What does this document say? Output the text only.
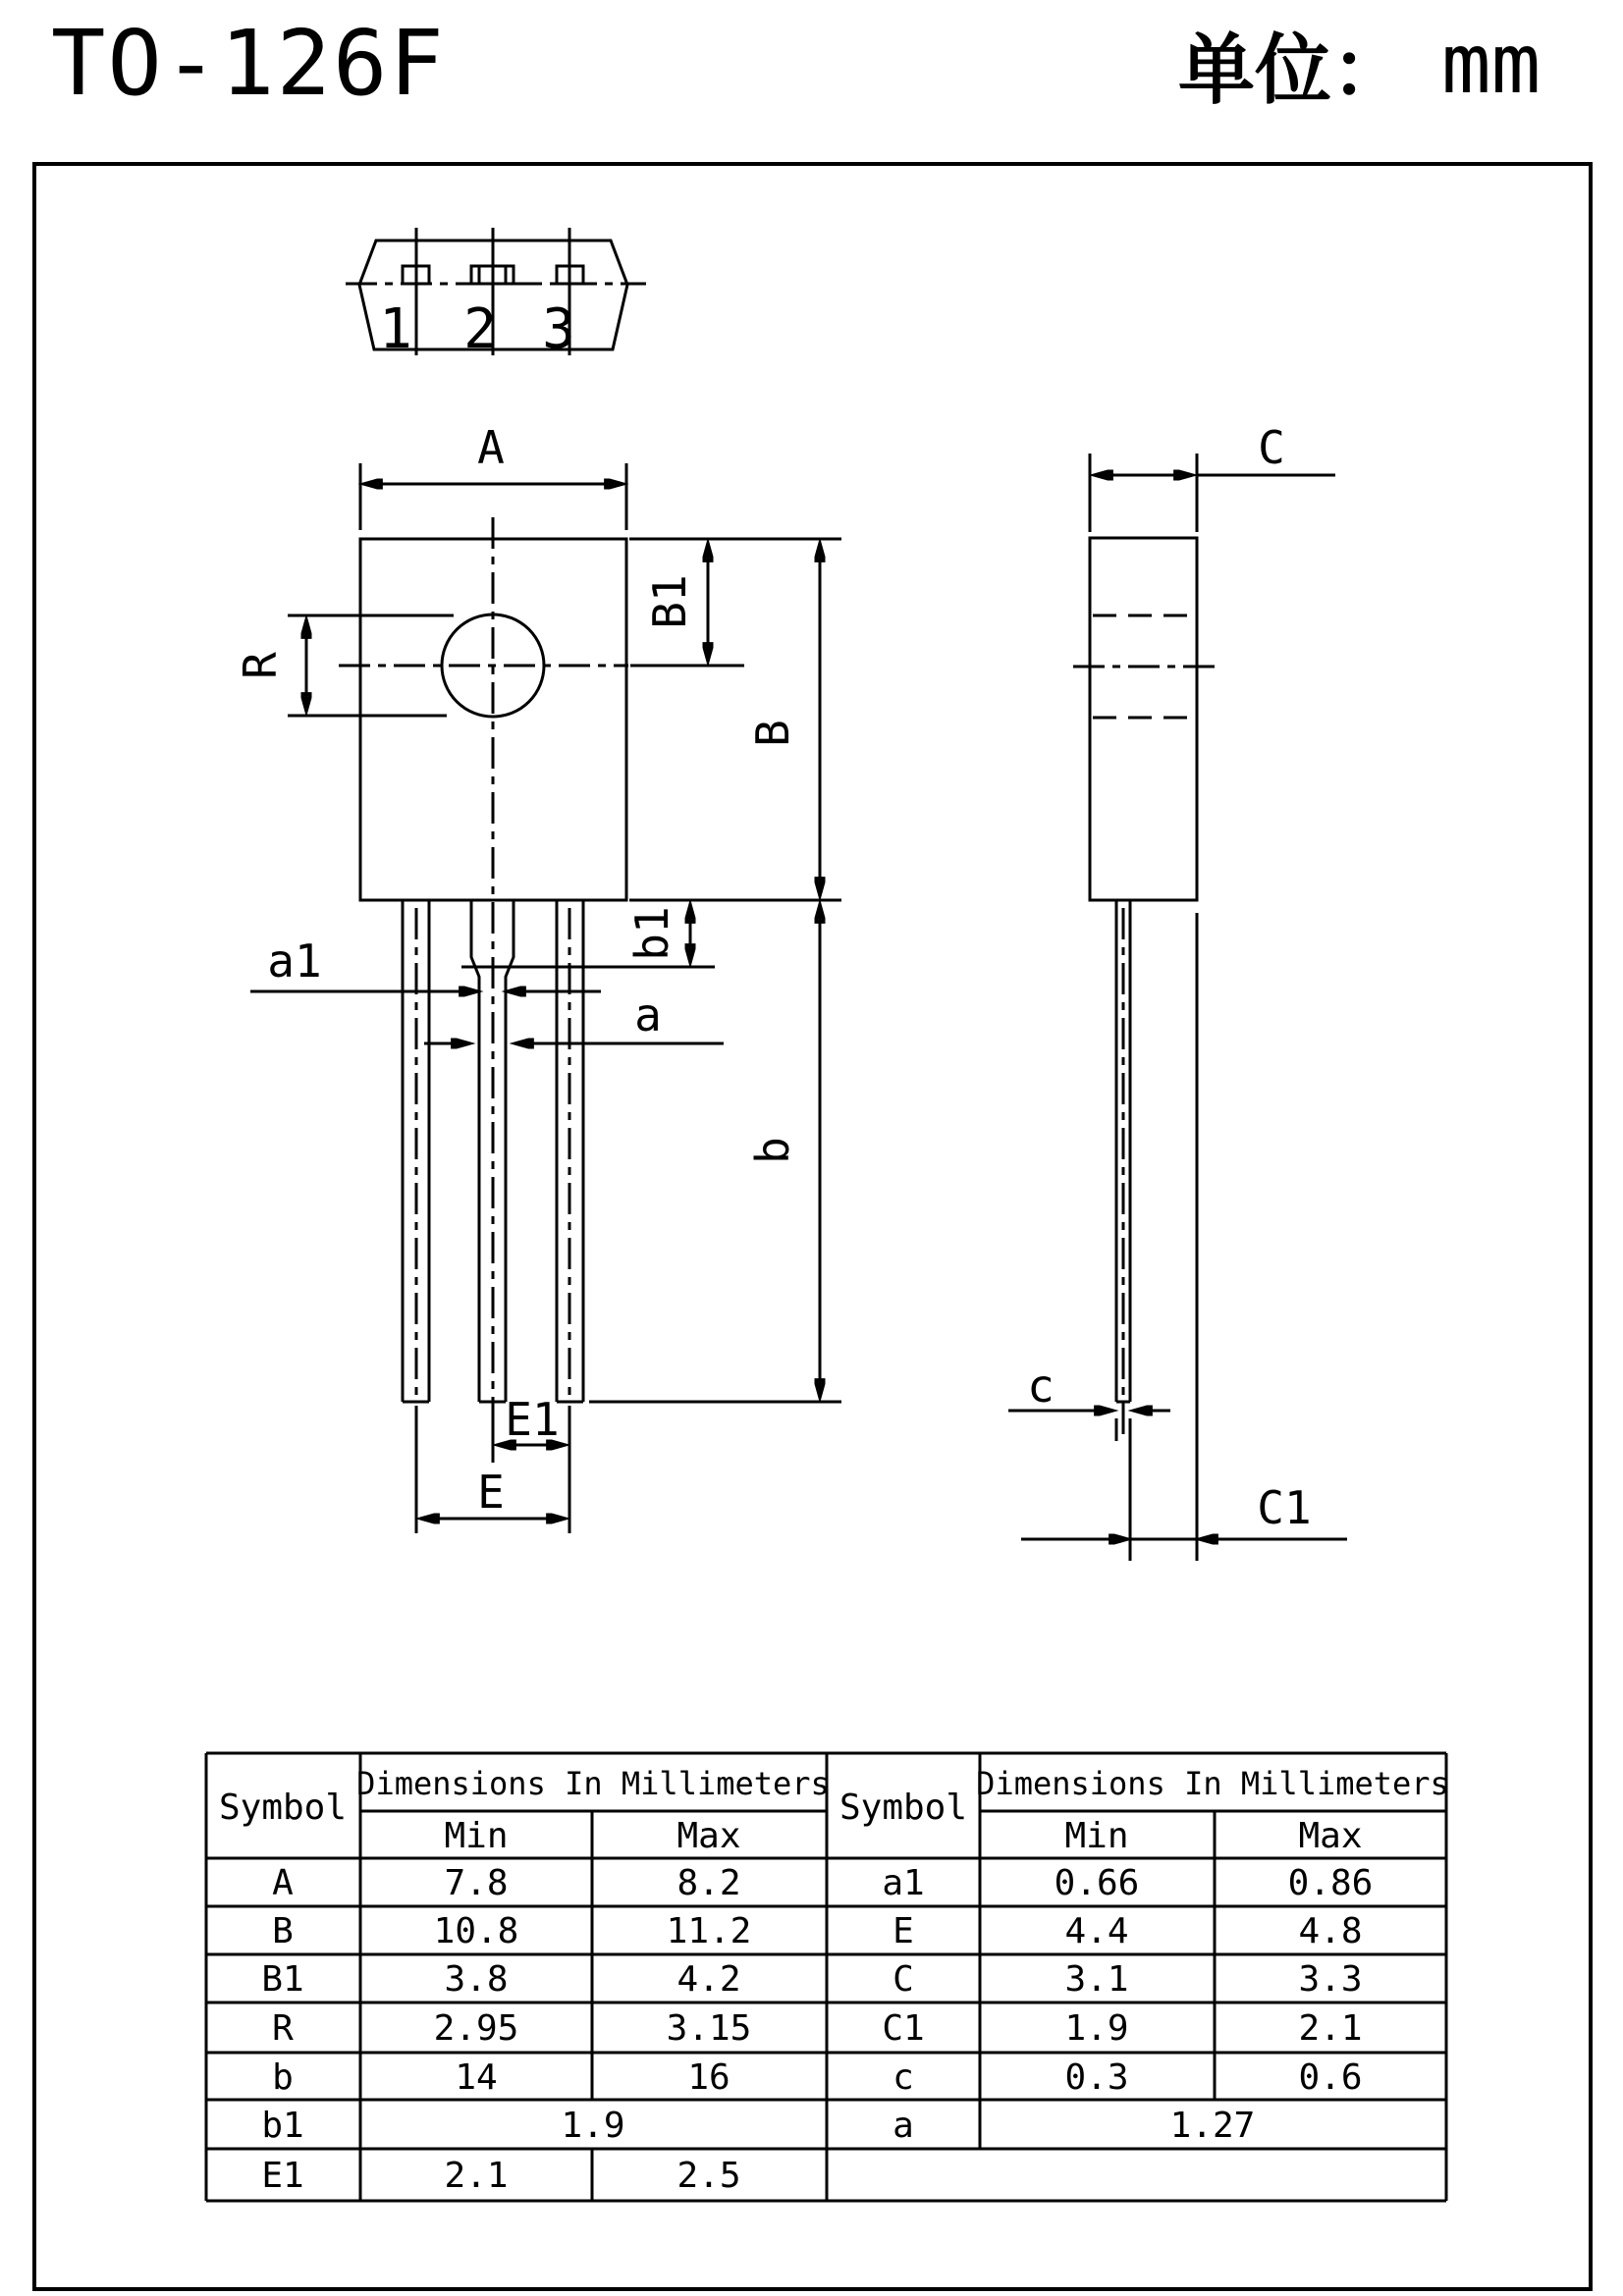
TO-126F	单位： mm
1 2 3
A
R
B1
B
b
a1
a
b1
E1
E
C
c
C1
Symbol
Dimensions In Millimeters
Min	Max
A	7.8	8.2
B	10.8	11.2
B1	3.8	4.2
R	2.95	3.15
b	14	16
b1	1.9
E1	2.1	2.5
Symbol
Dimensions In Millimeters
Min	Max
a1	0.66	0.86
E	4.4	4.8
C	3.1	3.3
C1	1.9	2.1
c	0.3	0.6
a	1.27
